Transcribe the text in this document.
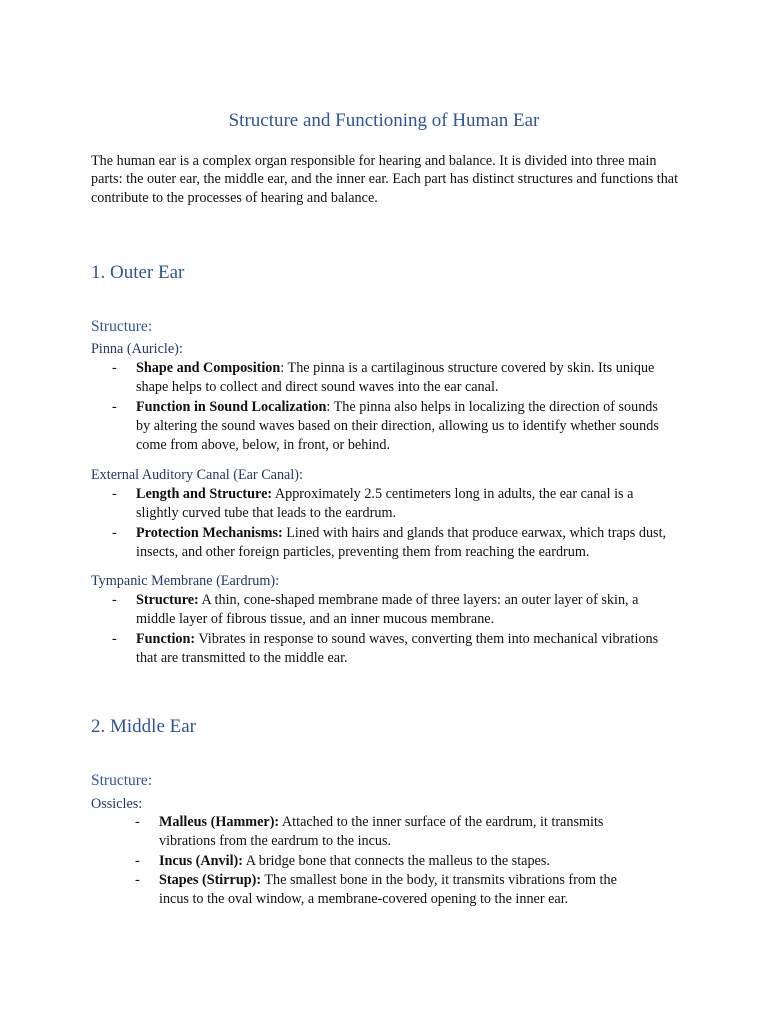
Structure and Functioning of Human Ear

The human ear is a complex organ responsible for hearing and balance. It is divided into three main parts: the outer ear, the middle ear, and the inner ear. Each part has distinct structures and functions that contribute to the processes of hearing and balance.

1. Outer Ear
Structure:
Pinna (Auricle):
- Shape and Composition: The pinna is a cartilaginous structure covered by skin. Its unique shape helps to collect and direct sound waves into the ear canal.
- Function in Sound Localization: The pinna also helps in localizing the direction of sounds by altering the sound waves based on their direction, allowing us to identify whether sounds come from above, below, in front, or behind.
External Auditory Canal (Ear Canal):
- Length and Structure: Approximately 2.5 centimeters long in adults, the ear canal is a slightly curved tube that leads to the eardrum.
- Protection Mechanisms: Lined with hairs and glands that produce earwax, which traps dust, insects, and other foreign particles, preventing them from reaching the eardrum.
Tympanic Membrane (Eardrum):
- Structure: A thin, cone-shaped membrane made of three layers: an outer layer of skin, a middle layer of fibrous tissue, and an inner mucous membrane.
- Function: Vibrates in response to sound waves, converting them into mechanical vibrations that are transmitted to the middle ear.
2. Middle Ear
Structure:
Ossicles:
- Malleus (Hammer): Attached to the inner surface of the eardrum, it transmits vibrations from the eardrum to the incus.
- Incus (Anvil): A bridge bone that connects the malleus to the stapes.
- Stapes (Stirrup): The smallest bone in the body, it transmits vibrations from the incus to the oval window, a membrane-covered opening to the inner ear.
